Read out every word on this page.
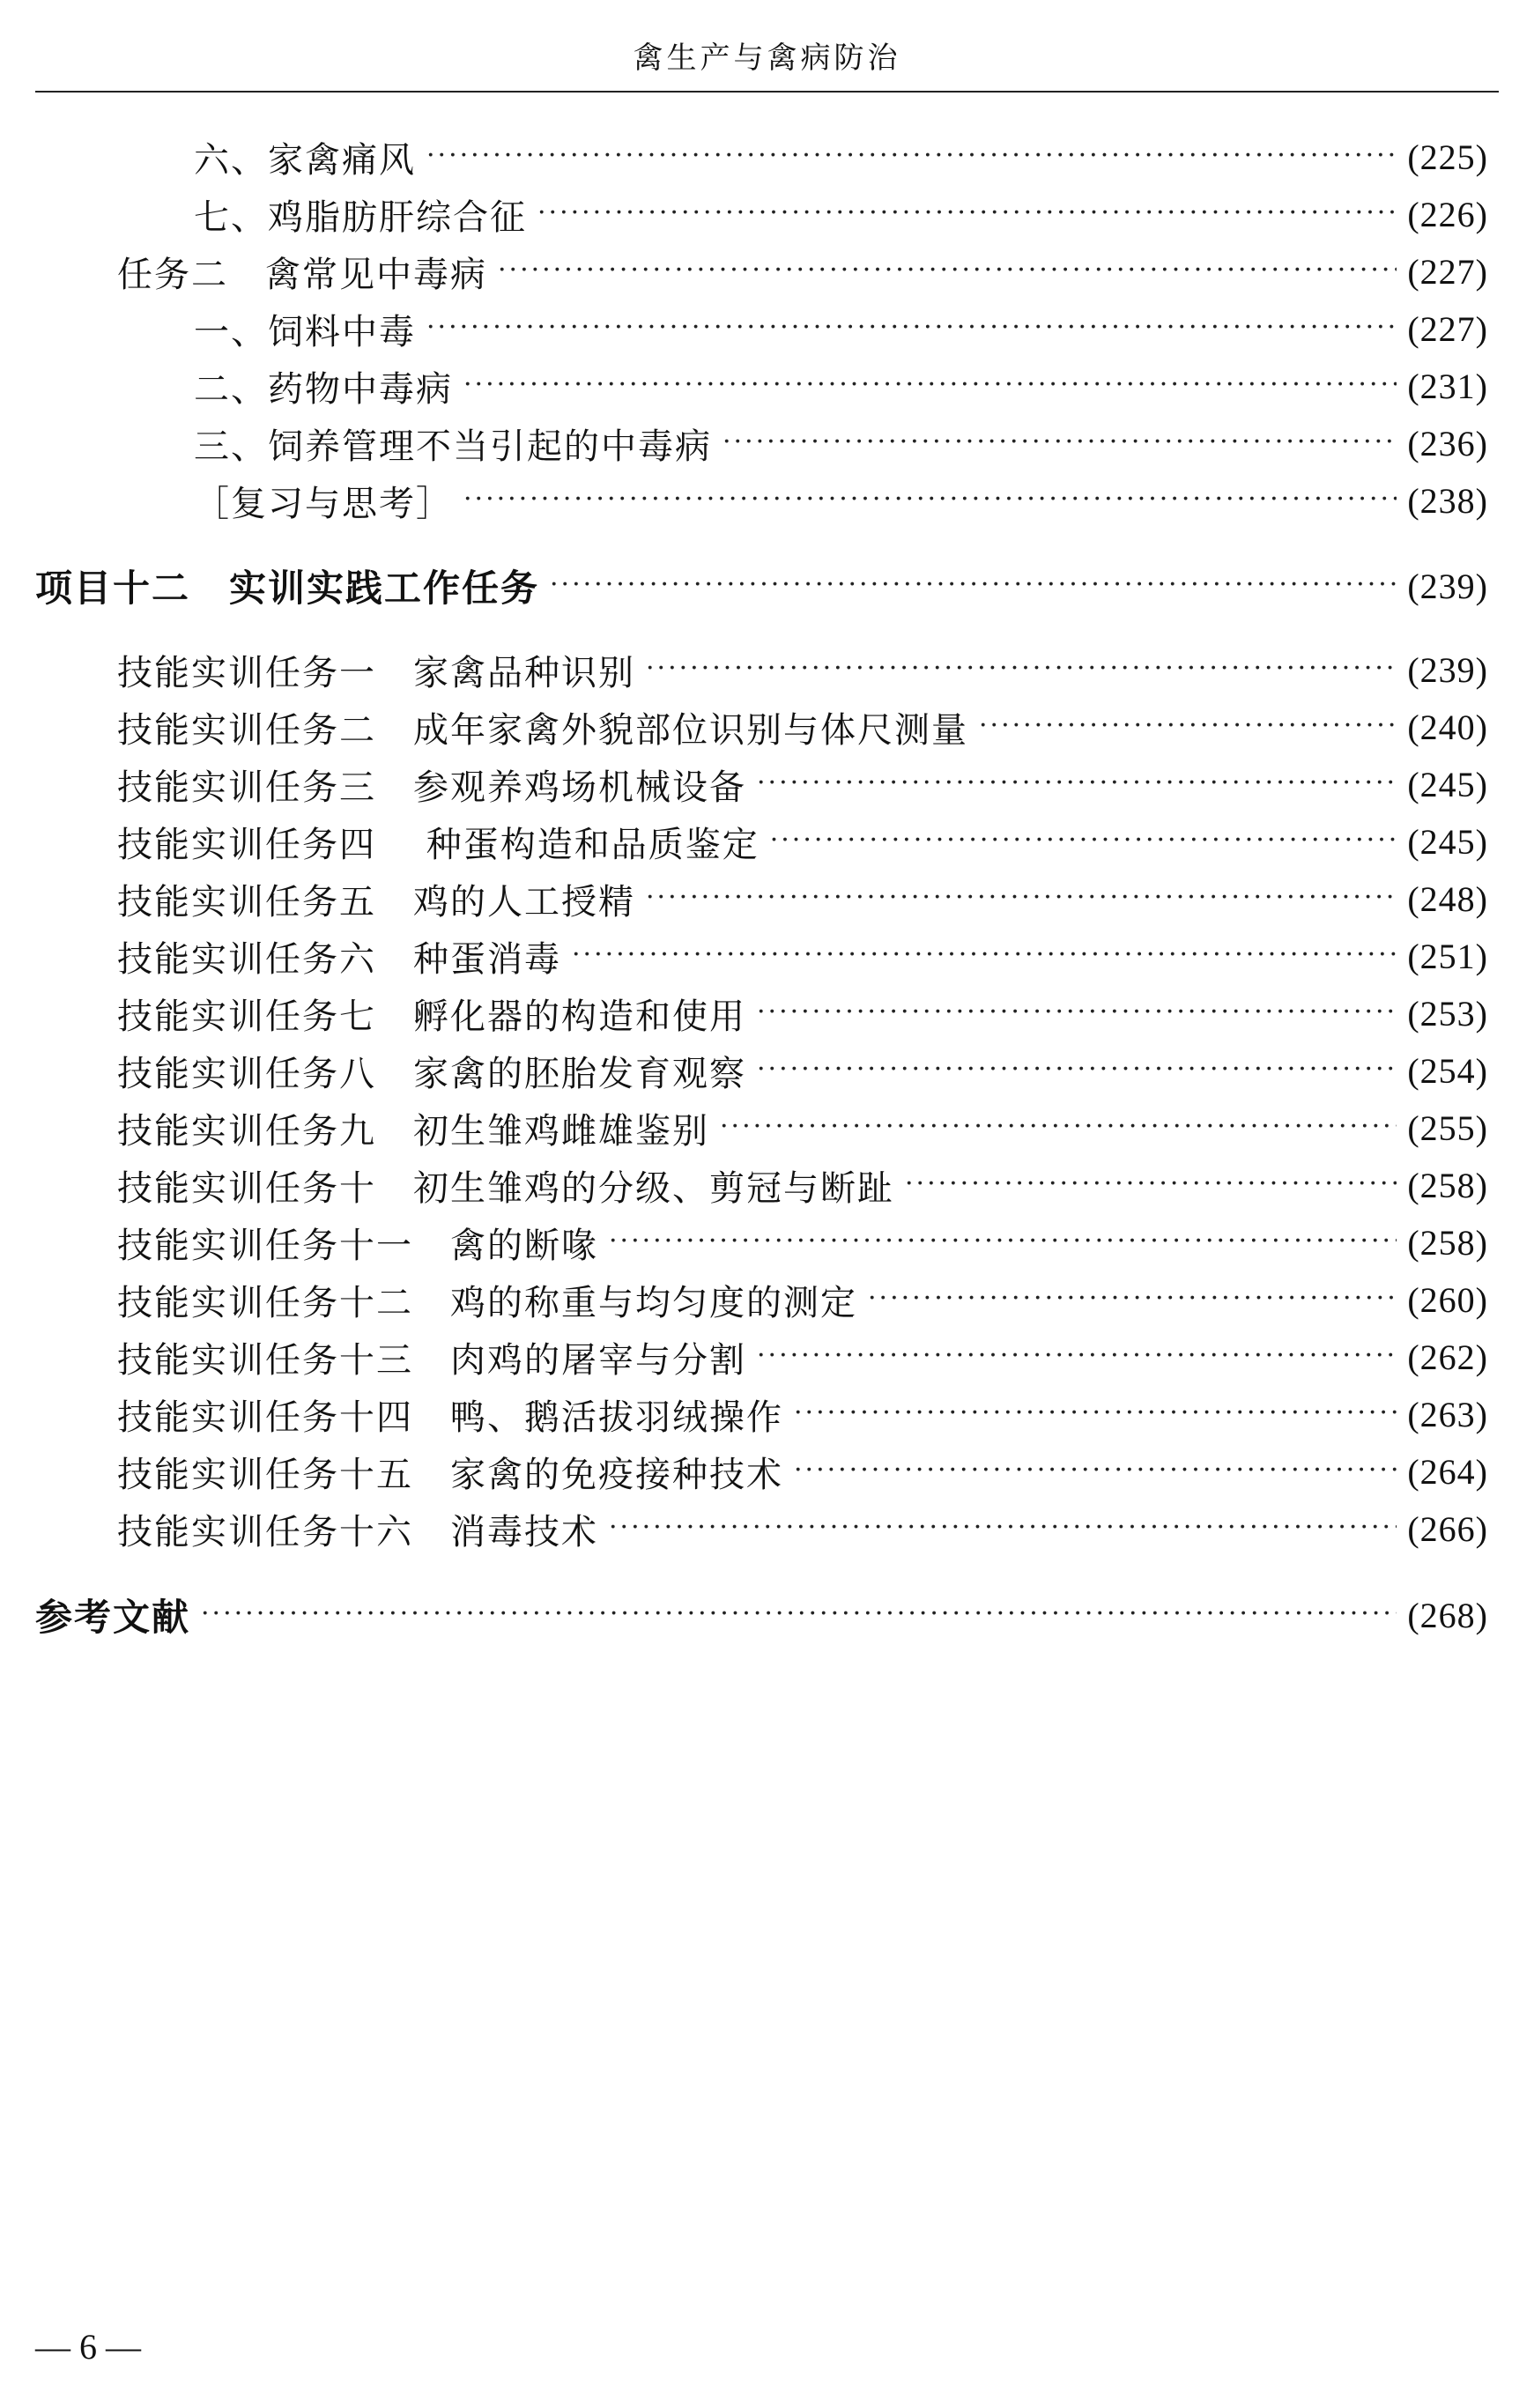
禽生产与禽病防治
六、家禽痛风 ·····	(225)
七、鸡脂肪肝综合征 ·····	(226)
任务二　禽常见中毒病 ·····	(227)
一、饲料中毒 ·····	(227)
二、药物中毒病 ·····	(231)
三、饲养管理不当引起的中毒病 ·····	(236)
［复习与思考］ ·····	(238)
项目十二　实训实践工作任务 ·····	(239)
技能实训任务一　家禽品种识别 ·····	(239)
技能实训任务二　成年家禽外貌部位识别与体尺测量 ·····	(240)
技能实训任务三　参观养鸡场机械设备 ·····	(245)
技能实训任务四　 种蛋构造和品质鉴定 ·····	(245)
技能实训任务五　鸡的人工授精 ·····	(248)
技能实训任务六　种蛋消毒 ·····	(251)
技能实训任务七　孵化器的构造和使用 ·····	(253)
技能实训任务八　家禽的胚胎发育观察 ·····	(254)
技能实训任务九　初生雏鸡雌雄鉴别 ·····	(255)
技能实训任务十　初生雏鸡的分级、剪冠与断趾 ·····	(258)
技能实训任务十一　禽的断喙 ·····	(258)
技能实训任务十二　鸡的称重与均匀度的测定 ·····	(260)
技能实训任务十三　肉鸡的屠宰与分割 ·····	(262)
技能实训任务十四　鸭、鹅活拔羽绒操作 ·····	(263)
技能实训任务十五　家禽的免疫接种技术 ·····	(264)
技能实训任务十六　消毒技术 ·····	(266)
参考文献 ·····	(268)
— 6 —
